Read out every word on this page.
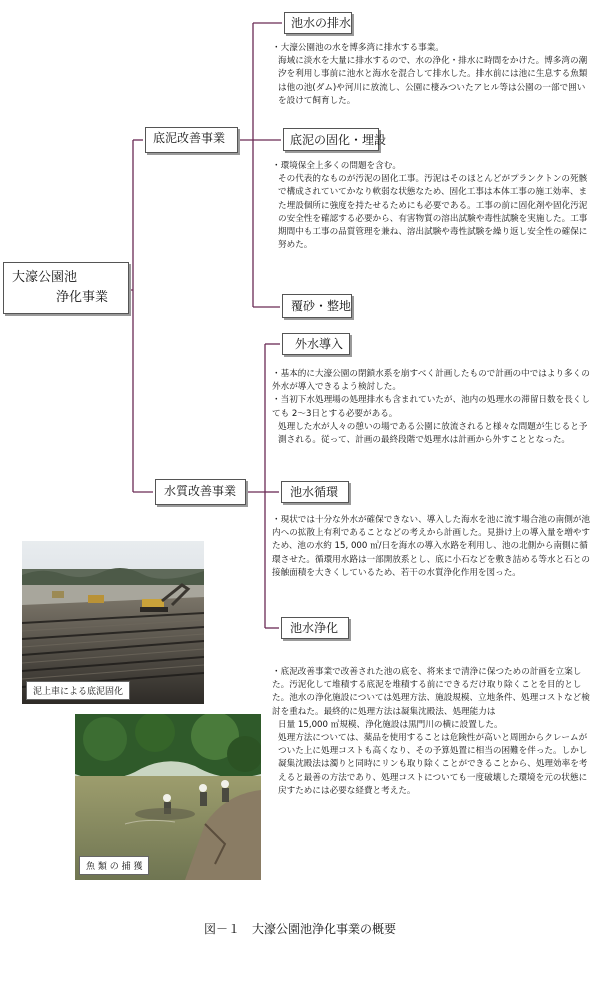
大濠公園池
浄化事業
底泥改善事業
水質改善事業
池水の排水
底泥の固化・埋設
覆砂・整地
外水導入
池水循環
池水浄化

・大濠公園池の水を博多湾に排水する事業。

海域に淡水を大量に排水するので、水の浄化・排水に時間をかけた。博多湾の潮汐を利用し事前に池水と海水を混合して排水した。排水前には池に生息する魚類は他の池(ダム)や河川に放流し、公園に棲みついたアヒル等は公園の一部で囲いを設けて飼育した。

・環境保全上多くの問題を含む。

その代表的なものが汚泥の固化工事。汚泥はそのほとんどがプランクトンの死骸で構成されていてかなり軟弱な状態なため、固化工事は本体工事の施工効率、また埋設個所に強度を持たせるためにも必要である。工事の前に固化剤や固化汚泥の安全性を確認する必要から、有害物質の溶出試験や毒性試験を実施した。工事期間中も工事の品質管理を兼ね、溶出試験や毒性試験を繰り返し安全性の確保に努めた。

・基本的に大濠公園の閉鎖水系を崩すべく計画したもので計画の中ではより多くの外水が導入できるよう検討した。

・当初下水処理場の処理排水も含まれていたが、池内の処理水の滞留日数を長くしても 2〜3日とする必要がある。

処理した水が人々の憩いの場である公園に放流されると様々な問題が生じると予測される。従って、計画の最終段階で処理水は計画から外すこととなった。

・現状では十分な外水が確保できない、導入した海水を池に流す場合池の南側が池内への拡散上有利であることなどの考えから計画した。見掛け上の導入量を増やすため、池の水約 15, 000 ㎥/日を海水の導入水路を利用し、池の北側から南側に循環させた。循環用水路は一部開放系とし、底に小石などを敷き詰める等水と石との接触面積を大きくしているため、若干の水質浄化作用を図った。

・底泥改善事業で改善された池の底を、将来まで清浄に保つための計画を立案した。汚泥化して堆積する底泥を堆積する前にできるだけ取り除くことを目的とした。池水の浄化施設については処理方法、施設規模、立地条件、処理コストなど検討を重ねた。最終的に処理方法は凝集沈殿法、処理能力は

日量 15,000 ㎥規模、浄化施設は黒門川の横に設置した。

処理方法については、薬品を使用することは危険性が高いと周囲からクレームがついた上に処理コストも高くなり、その予算処置に相当の困難を伴った。しかし凝集沈殿法は濁りと同時にリンも取り除くことができることから、処理効率を考えると最善の方法であり、処理コストについても一度破壊した環境を元の状態に戻すためには必要な経費と考えた。

泥上車による底泥固化
魚 類 の 捕 獲
図－１　大濠公園池浄化事業の概要
